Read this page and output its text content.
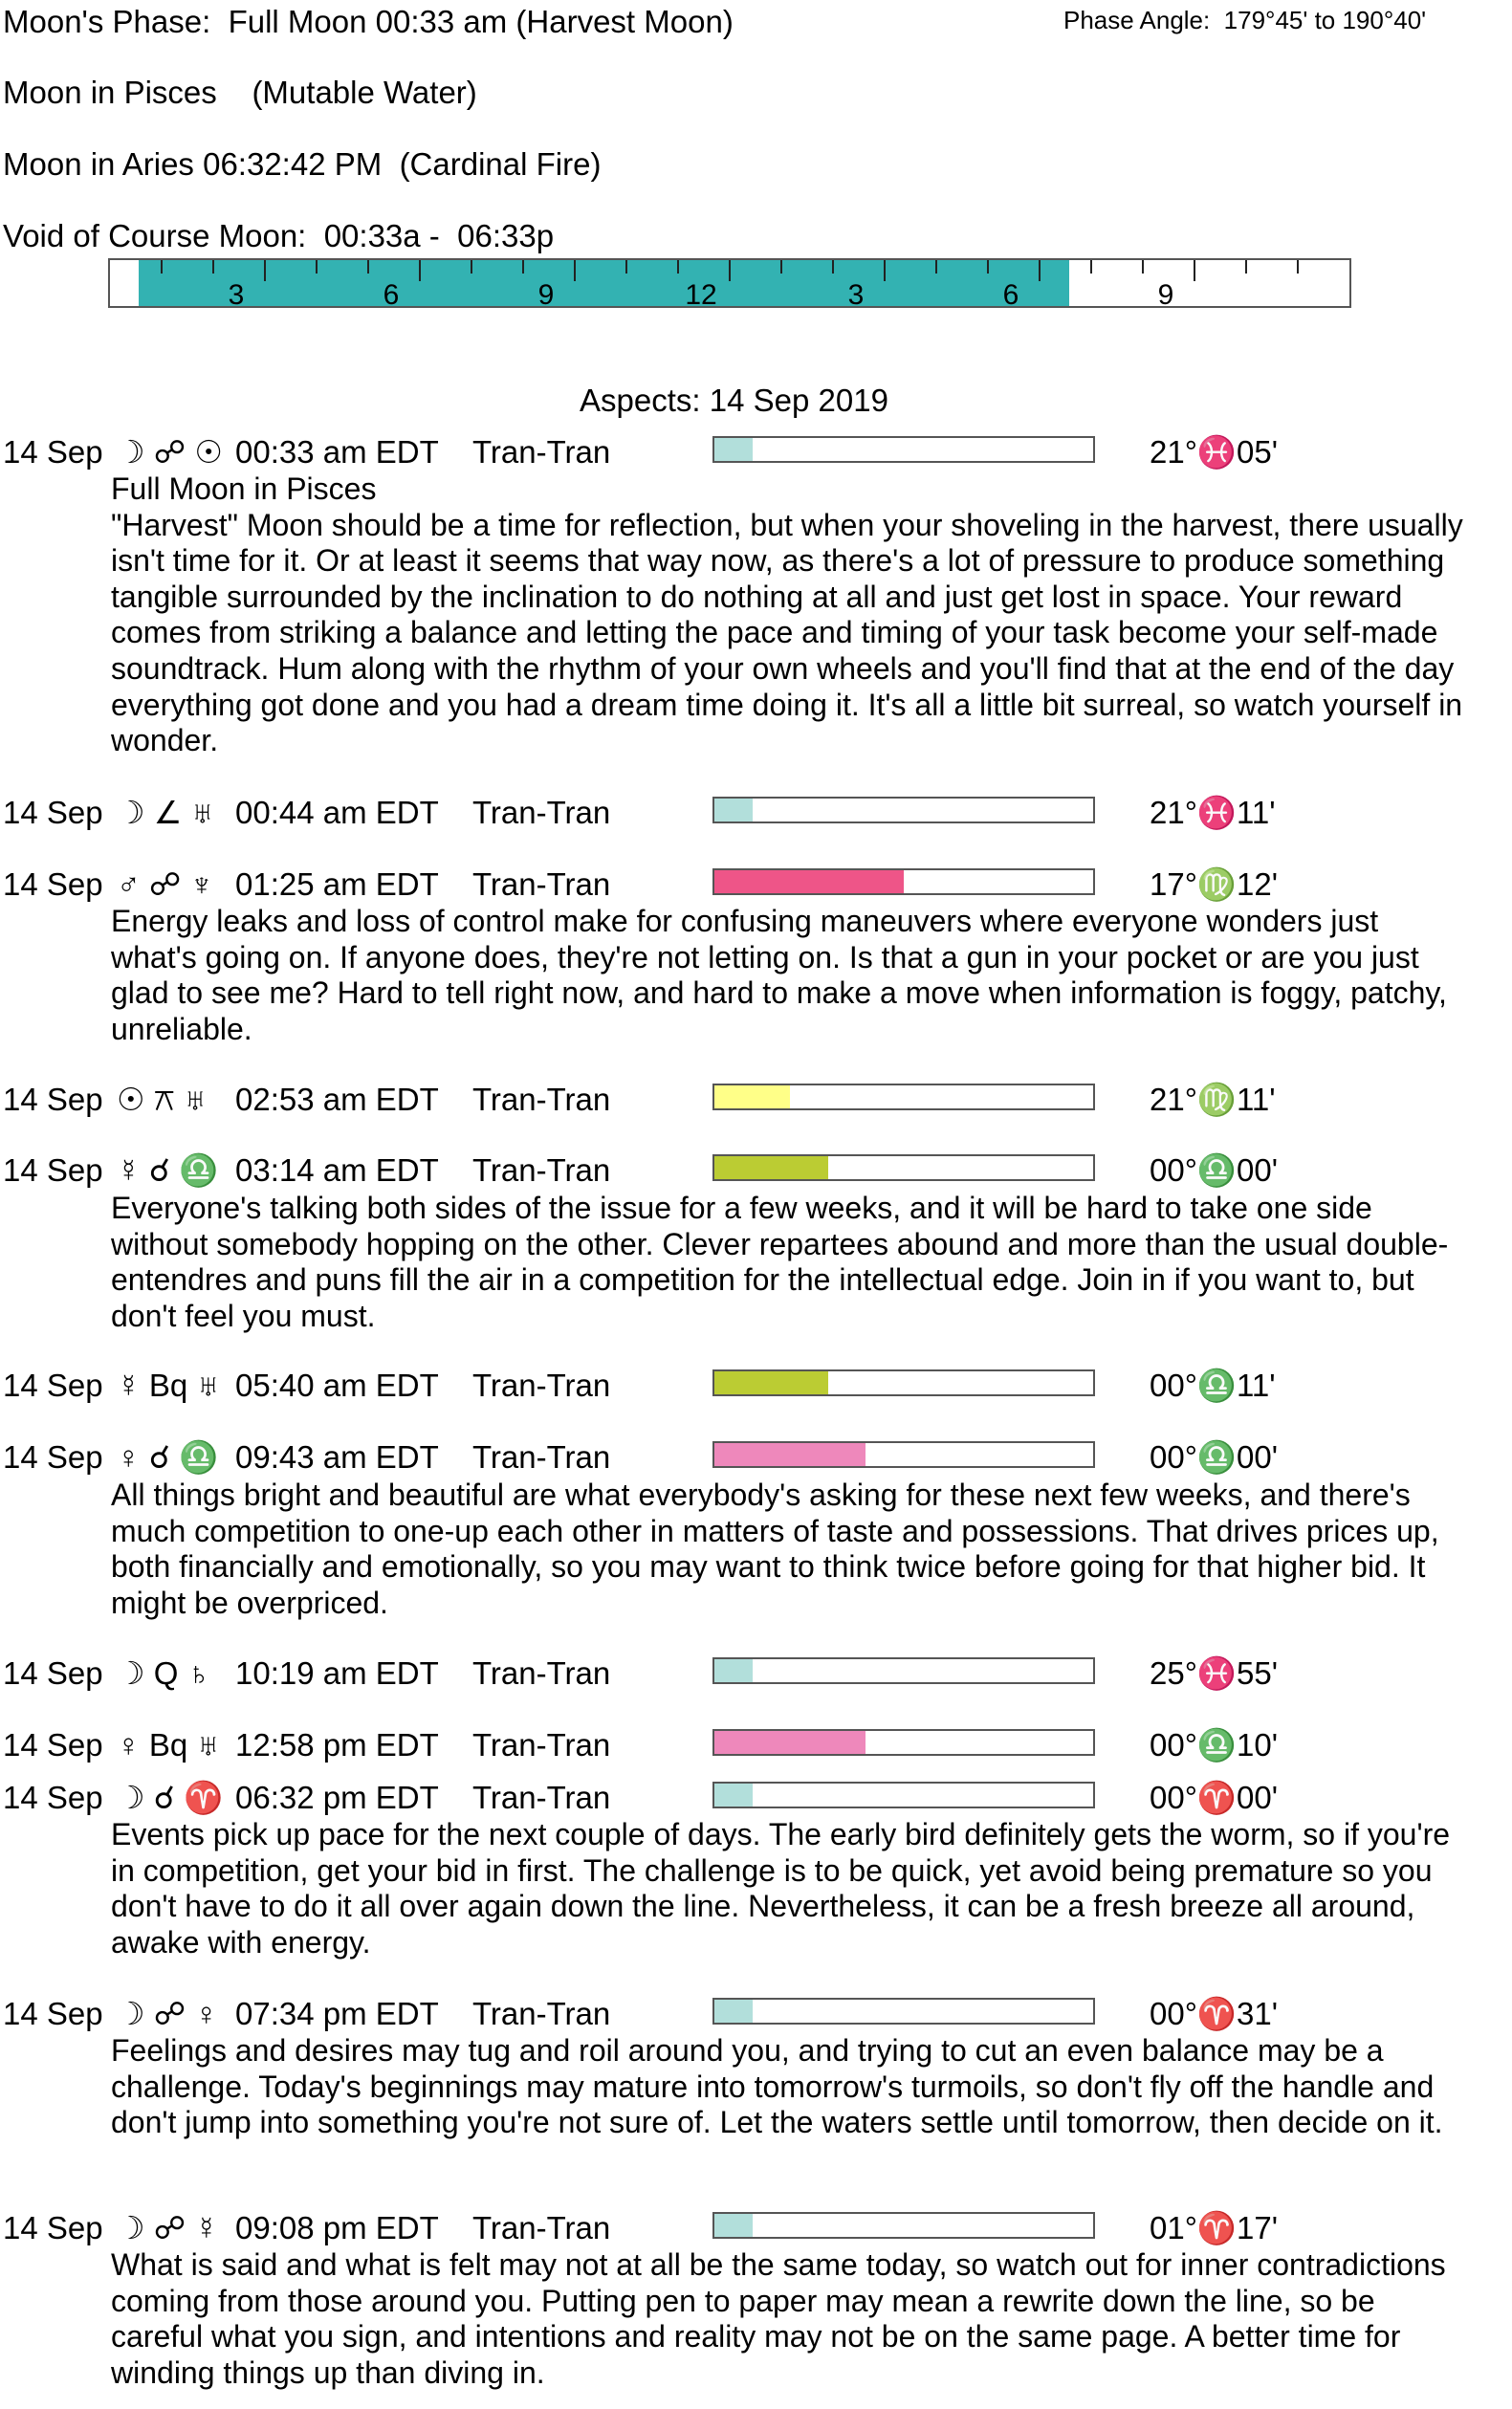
Moon's Phase:  Full Moon 00:33 am (Harvest Moon)	Phase Angle:  179°45' to 190°40'
Moon in Pisces    (Mutable Water)
Moon in Aries 06:32:42 PM  (Cardinal Fire)
Void of Course Moon:  00:33a -  06:33p
3	6	9	12	3	6	9
Aspects: 14 Sep 2019
14 Sep ☽ ☍ ☉ 00:33 am EDT Tran-Tran	21°♓05'
Full Moon in Pisces
"Harvest" Moon should be a time for reflection, but when your shoveling in the harvest, there usually isn't time for it. Or at least it seems that way now, as there's a lot of pressure to produce something tangible surrounded by the inclination to do nothing at all and just get lost in space. Your reward comes from striking a balance and letting the pace and timing of your task become your self-made soundtrack. Hum along with the rhythm of your own wheels and you'll find that at the end of the day everything got done and you had a dream time doing it. It's all a little bit surreal, so watch yourself in wonder.
14 Sep ☽ ∠ ♅ 00:44 am EDT Tran-Tran	21°♓11'
14 Sep ♂ ☍ ♆ 01:25 am EDT Tran-Tran	17°♍12'
Energy leaks and loss of control make for confusing maneuvers where everyone wonders just what's going on. If anyone does, they're not letting on. Is that a gun in your pocket or are you just glad to see me? Hard to tell right now, and hard to make a move when information is foggy, patchy, unreliable.
14 Sep ☉ ⚻ ♅ 02:53 am EDT Tran-Tran	21°♍11'
14 Sep ☿ ☌ ♎ 03:14 am EDT Tran-Tran	00°♎00'
Everyone's talking both sides of the issue for a few weeks, and it will be hard to take one side without somebody hopping on the other. Clever repartees abound and more than the usual double-entendres and puns fill the air in a competition for the intellectual edge. Join in if you want to, but don't feel you must.
14 Sep ☿ Bq ♅ 05:40 am EDT Tran-Tran	00°♎11'
14 Sep ♀ ☌ ♎ 09:43 am EDT Tran-Tran	00°♎00'
All things bright and beautiful are what everybody's asking for these next few weeks, and there's much competition to one-up each other in matters of taste and possessions. That drives prices up, both financially and emotionally, so you may want to think twice before going for that higher bid. It might be overpriced.
14 Sep ☽ Q ♄ 10:19 am EDT Tran-Tran	25°♓55'
14 Sep ♀ Bq ♅ 12:58 pm EDT Tran-Tran	00°♎10'
14 Sep ☽ ☌ ♈ 06:32 pm EDT Tran-Tran	00°♈00'
Events pick up pace for the next couple of days. The early bird definitely gets the worm, so if you're in competition, get your bid in first. The challenge is to be quick, yet avoid being premature so you don't have to do it all over again down the line. Nevertheless, it can be a fresh breeze all around, awake with energy.
14 Sep ☽ ☍ ♀ 07:34 pm EDT Tran-Tran	00°♈31'
Feelings and desires may tug and roil around you, and trying to cut an even balance may be a challenge. Today's beginnings may mature into tomorrow's turmoils, so don't fly off the handle and don't jump into something you're not sure of. Let the waters settle until tomorrow, then decide on it.
14 Sep ☽ ☍ ☿ 09:08 pm EDT Tran-Tran	01°♈17'
What is said and what is felt may not at all be the same today, so watch out for inner contradictions coming from those around you. Putting pen to paper may mean a rewrite down the line, so be careful what you sign, and intentions and reality may not be on the same page. A better time for winding things up than diving in.
